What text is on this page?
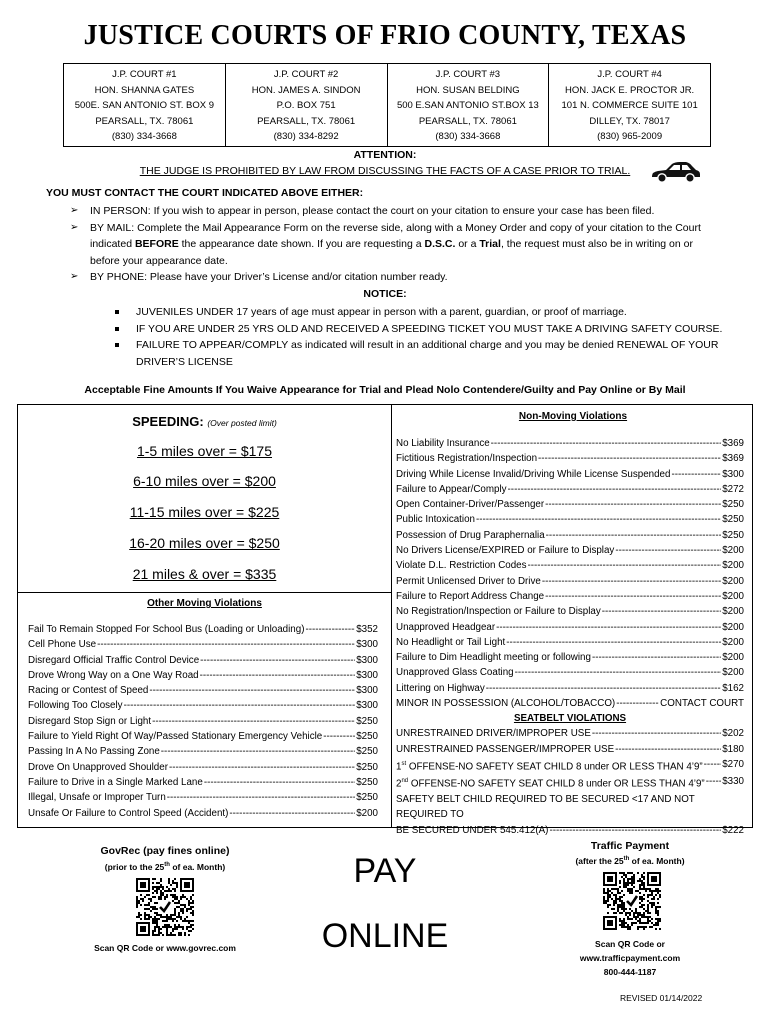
JUSTICE COURTS OF FRIO COUNTY, TEXAS
J.P. COURT #1
HON. SHANNA GATES
500E. SAN ANTONIO ST. BOX 9
PEARSALL, TX. 78061
(830) 334-3668
J.P. COURT #2
HON. JAMES A. SINDON
P.O. BOX 751
PEARSALL, TX. 78061
(830) 334-8292
J.P. COURT #3
HON. SUSAN BELDING
500 E.SAN ANTONIO ST.BOX 13
PEARSALL, TX. 78061
(830) 334-3668
J.P. COURT #4
HON. JACK E. PROCTOR JR.
101 N. COMMERCE SUITE 101
DILLEY, TX. 78017
(830) 965-2009
ATTENTION:
THE JUDGE IS PROHIBITED BY LAW FROM DISCUSSING THE FACTS OF A CASE PRIOR TO TRIAL.
YOU MUST CONTACT THE COURT INDICATED ABOVE EITHER:
➢ IN PERSON: If you wish to appear in person, please contact the court on your citation to ensure your case has been filed.
➢ BY MAIL: Complete the Mail Appearance Form on the reverse side, along with a Money Order and copy of your citation to the Court indicated BEFORE the appearance date shown. If you are requesting a D.S.C. or a Trial, the request must also be in writing on or before your appearance date.
➢ BY PHONE: Please have your Driver’s License and/or citation number ready.
NOTICE:
JUVENILES UNDER 17 years of age must appear in person with a parent, guardian, or proof of marriage.
IF YOU ARE UNDER 25 YRS OLD AND RECEIVED A SPEEDING TICKET YOU MUST TAKE A DRIVING SAFETY COURSE.
FAILURE TO APPEAR/COMPLY as indicated will result in an additional charge and you may be denied RENEWAL OF YOUR DRIVER’S LICENSE
Acceptable Fine Amounts If You Waive Appearance for Trial and Plead Nolo Contendere/Guilty and Pay Online or By Mail
SPEEDING: (Over posted limit)
1-5 miles over = $175
6-10 miles over = $200
11-15 miles over = $225
16-20 miles over = $250
21 miles & over = $335
Other Moving Violations
Fail To Remain Stopped For School Bus (Loading or Unloading) -----	$352
Cell Phone Use -----	$300
Disregard Official Traffic Control Device -----	$300
Drove Wrong Way on a One Way Road -----	$300
Racing or Contest of Speed -----	$300
Following Too Closely -----	$300
Disregard Stop Sign or Light -----	$250
Failure to Yield Right Of Way/Passed Stationary Emergency Vehicle -----	$250
Passing In A No Passing Zone -----	$250
Drove On Unapproved Shoulder -----	$250
Failure to Drive in a Single Marked Lane -----	$250
Illegal, Unsafe or Improper Turn -----	$250
Unsafe Or Failure to Control Speed (Accident) -----	$200
Non-Moving Violations
No Liability Insurance -----	$369
Fictitious Registration/Inspection -----	$369
Driving While License Invalid/Driving While License Suspended -----	$300
Failure to Appear/Comply -----	$272
Open Container-Driver/Passenger -----	$250
Public Intoxication -----	$250
Possession of Drug Paraphernalia -----	$250
No Drivers License/EXPIRED or Failure to Display -----	$200
Violate D.L. Restriction Codes -----	$200
Permit Unlicensed Driver to Drive -----	$200
Failure to Report Address Change -----	$200
No Registration/Inspection or Failure to Display -----	$200
Unapproved Headgear -----	$200
No Headlight or Tail Light -----	$200
Failure to Dim Headlight meeting or following -----	$200
Unapproved Glass Coating -----	$200
Littering on Highway -----	$162
MINOR IN POSSESSION (ALCOHOL/TOBACCO) -----	CONTACT COURT
SEATBELT VIOLATIONS
UNRESTRAINED DRIVER/IMPROPER USE -----	$202
UNRESTRAINED PASSENGER/IMPROPER USE -----	$180
1st OFFENSE-NO SAFETY SEAT CHILD 8 under OR LESS THAN 4’9” ----- $270
2nd OFFENSE-NO SAFETY SEAT CHILD 8 under OR LESS THAN 4’9” ----- $330
SAFETY BELT CHILD REQUIRED TO BE SECURED <17 AND NOT REQUIRED TO
BE SECURED UNDER 545.412(A) -----	$222
GovRec (pay fines online)
(prior to the 25th of ea. Month)
Scan QR Code or www.govrec.com
PAY
ONLINE
Traffic Payment
(after the 25th of ea. Month)
Scan QR Code or
www.trafficpayment.com
800-444-1187
REVISED 01/14/2022
